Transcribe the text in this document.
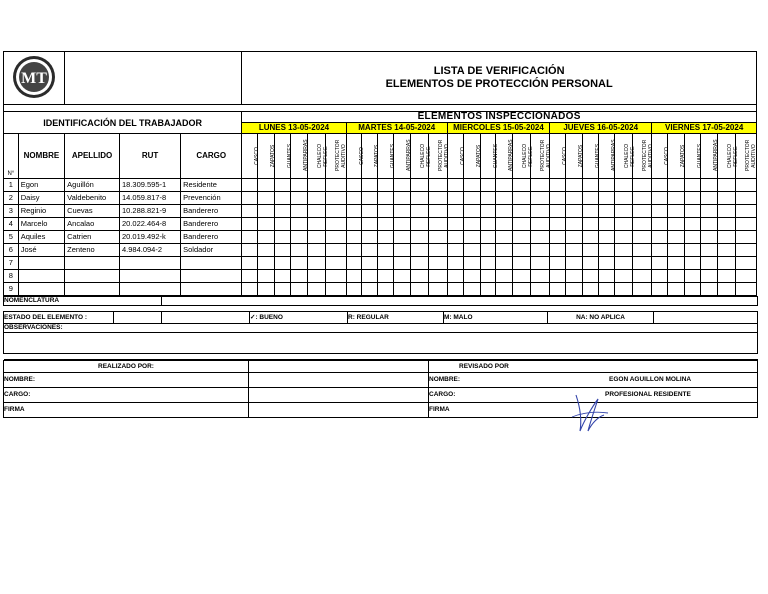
MT					LISTA DE VERIFICACIÓN
ELEMENTOS DE PROTECCIÓN PERSONAL																													

IDENTIFICACIÓN DEL TRABAJADOR					ELEMENTOS INSPECCIONADOS																													
					LUNES 13-05-2024						MARTES 14-05-2024						MIERCOLES 15-05-2024						JUEVES 16-05-2024						VIERNES 17-05-2024					
N°	NOMBRE	APELLIDO	RUT	CARGO	CASCO	ZAPATOS	GUANTES	ANTIPARRAS	CHALECO REFLEC.	PROTECTOR AUDITIVO	CASCO	ZAPATOS	GUANTES	ANTIPARRAS	CHALECO REFLEC.	PROTECTOR AUDITIVO	CASCO	ZAPATOS	GUANTES	ANTIPARRAS	CHALECO REFLEC.	PROTECTOR AUDITIVO	CASCO	ZAPATOS	GUANTES	ANTIPARRAS	CHALECO REFLEC.	PROTECTOR AUDITIVO	CASCO	ZAPATOS	GUANTES	ANTIPARRAS	CHALECO REFLEC.	PROTECTOR AUDITIVO
1	Egon	Aguillón	18.309.595-1	Residente																														
2	Daisy	Valdebenito	14.059.817-8	Prevención																														
3	Reginio	Cuevas	10.288.821-9	Banderero																														
4	Marcelo	Ancalao	20.022.464-8	Banderero																														
5	Aquiles	Catrien	20.019.492-k	Banderero																														
6	José	Zenteno	4.984.094-2	Soldador																														
7																																		
8																																		
9																																		
NOMENCLATURA							

ESTADO DEL ELEMENTO :			✓: BUENO	R: REGULAR	M: MALO	NA: NO APLICA	
OBSERVACIONES:							

REALIZADO POR:		REVISADO POR
NOMBRE:		NOMBRE: EGON AGUILLON MOLINA

CARGO:		CARGO: PROFESIONAL RESIDENTE

FIRMA		FIRMA
